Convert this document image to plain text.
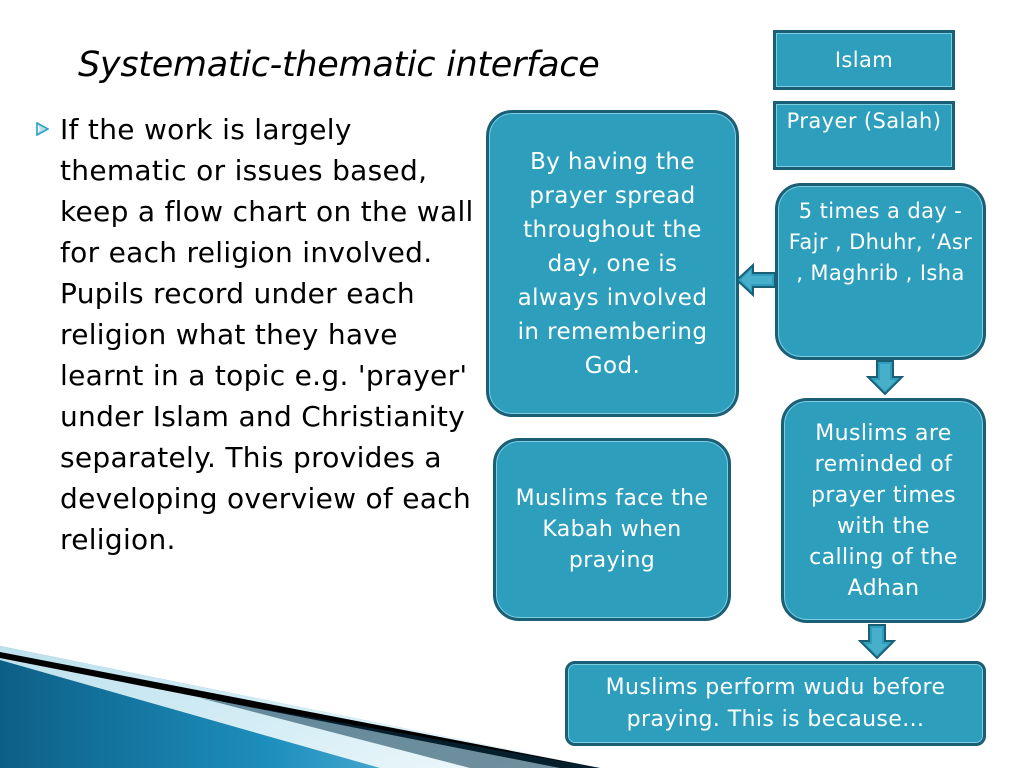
Systematic-thematic interface
If the work is largely thematic or issues based, keep a flow chart on the wall for each religion involved. Pupils record under each religion what they have learnt in a topic e.g. 'prayer' under Islam and Christianity separately. This provides a developing overview of each religion.
Islam
Prayer (Salah)
5 times a day - Fajr , Dhuhr, ‘Asr , Maghrib , Isha
By having the prayer spread throughout the day, one is always involved in remembering God.
Muslims face the Kabah when praying
Muslims are reminded of prayer times with the calling of the Adhan
Muslims perform wudu before praying. This is because...
